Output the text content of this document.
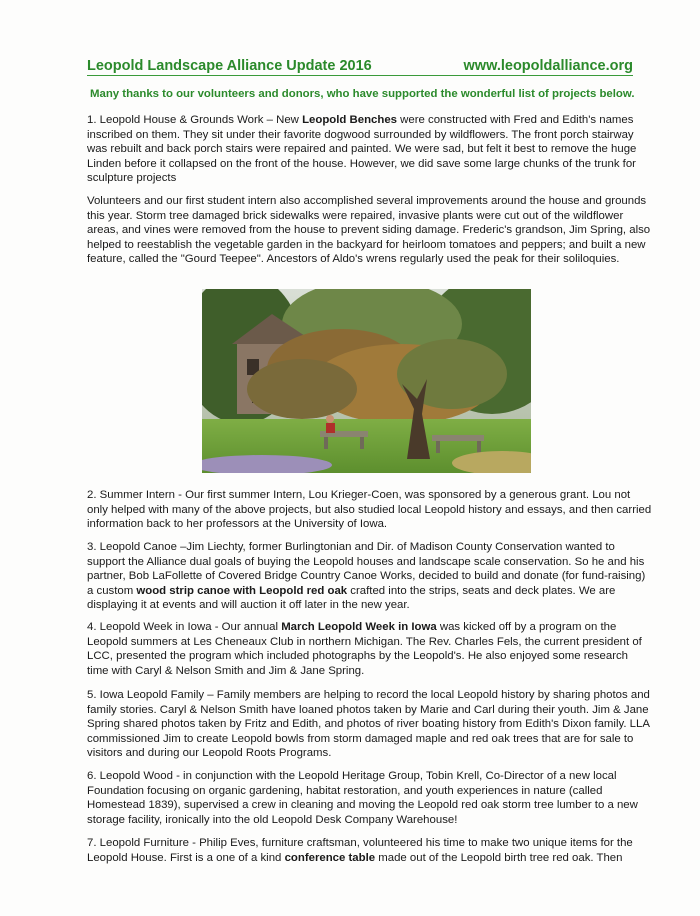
Leopold Landscape Alliance Update 2016	www.leopoldalliance.org
Many thanks to our volunteers and donors, who have supported the wonderful list of projects below.

1. Leopold House & Grounds Work – New Leopold Benches were constructed with Fred and Edith's names inscribed on them. They sit under their favorite dogwood surrounded by wildflowers. The front porch stairway was rebuilt and back porch stairs were repaired and painted. We were sad, but felt it best to remove the huge Linden before it collapsed on the front of the house. However, we did save some large chunks of the trunk for sculpture projects

Volunteers and our first student intern also accomplished several improvements around the house and grounds this year. Storm tree damaged brick sidewalks were repaired, invasive plants were cut out of the wildflower areas, and vines were removed from the house to prevent siding damage. Frederic's grandson, Jim Spring, also helped to reestablish the vegetable garden in the backyard for heirloom tomatoes and peppers; and built a new feature, called the "Gourd Teepee". Ancestors of Aldo's wrens regularly used the peak for their soliloquies.

2. Summer Intern - Our first summer Intern, Lou Krieger-Coen, was sponsored by a generous grant. Lou not only helped with many of the above projects, but also studied local Leopold history and essays, and then carried information back to her professors at the University of Iowa.

3. Leopold Canoe –Jim Liechty, former Burlingtonian and Dir. of Madison County Conservation wanted to support the Alliance dual goals of buying the Leopold houses and landscape scale conservation. So he and his partner, Bob LaFollette of Covered Bridge Country Canoe Works, decided to build and donate (for fund-raising) a custom wood strip canoe with Leopold red oak crafted into the strips, seats and deck plates. We are displaying it at events and will auction it off later in the new year.

4. Leopold Week in Iowa - Our annual March Leopold Week in Iowa was kicked off by a program on the Leopold summers at Les Cheneaux Club in northern Michigan. The Rev. Charles Fels, the current president of LCC, presented the program which included photographs by the Leopold's. He also enjoyed some research time with Caryl & Nelson Smith and Jim & Jane Spring.

5. Iowa Leopold Family – Family members are helping to record the local Leopold history by sharing photos and family stories. Caryl & Nelson Smith have loaned photos taken by Marie and Carl during their youth. Jim & Jane Spring shared photos taken by Fritz and Edith, and photos of river boating history from Edith's Dixon family. LLA commissioned Jim to create Leopold bowls from storm damaged maple and red oak trees that are for sale to visitors and during our Leopold Roots Programs.

6. Leopold Wood - in conjunction with the Leopold Heritage Group, Tobin Krell, Co-Director of a new local Foundation focusing on organic gardening, habitat restoration, and youth experiences in nature (called Homestead 1839), supervised a crew in cleaning and moving the Leopold red oak storm tree lumber to a new storage facility, ironically into the old Leopold Desk Company Warehouse!

7. Leopold Furniture - Philip Eves, furniture craftsman, volunteered his time to make two unique items for the Leopold House. First is a one of a kind conference table made out of the Leopold birth tree red oak. Then
